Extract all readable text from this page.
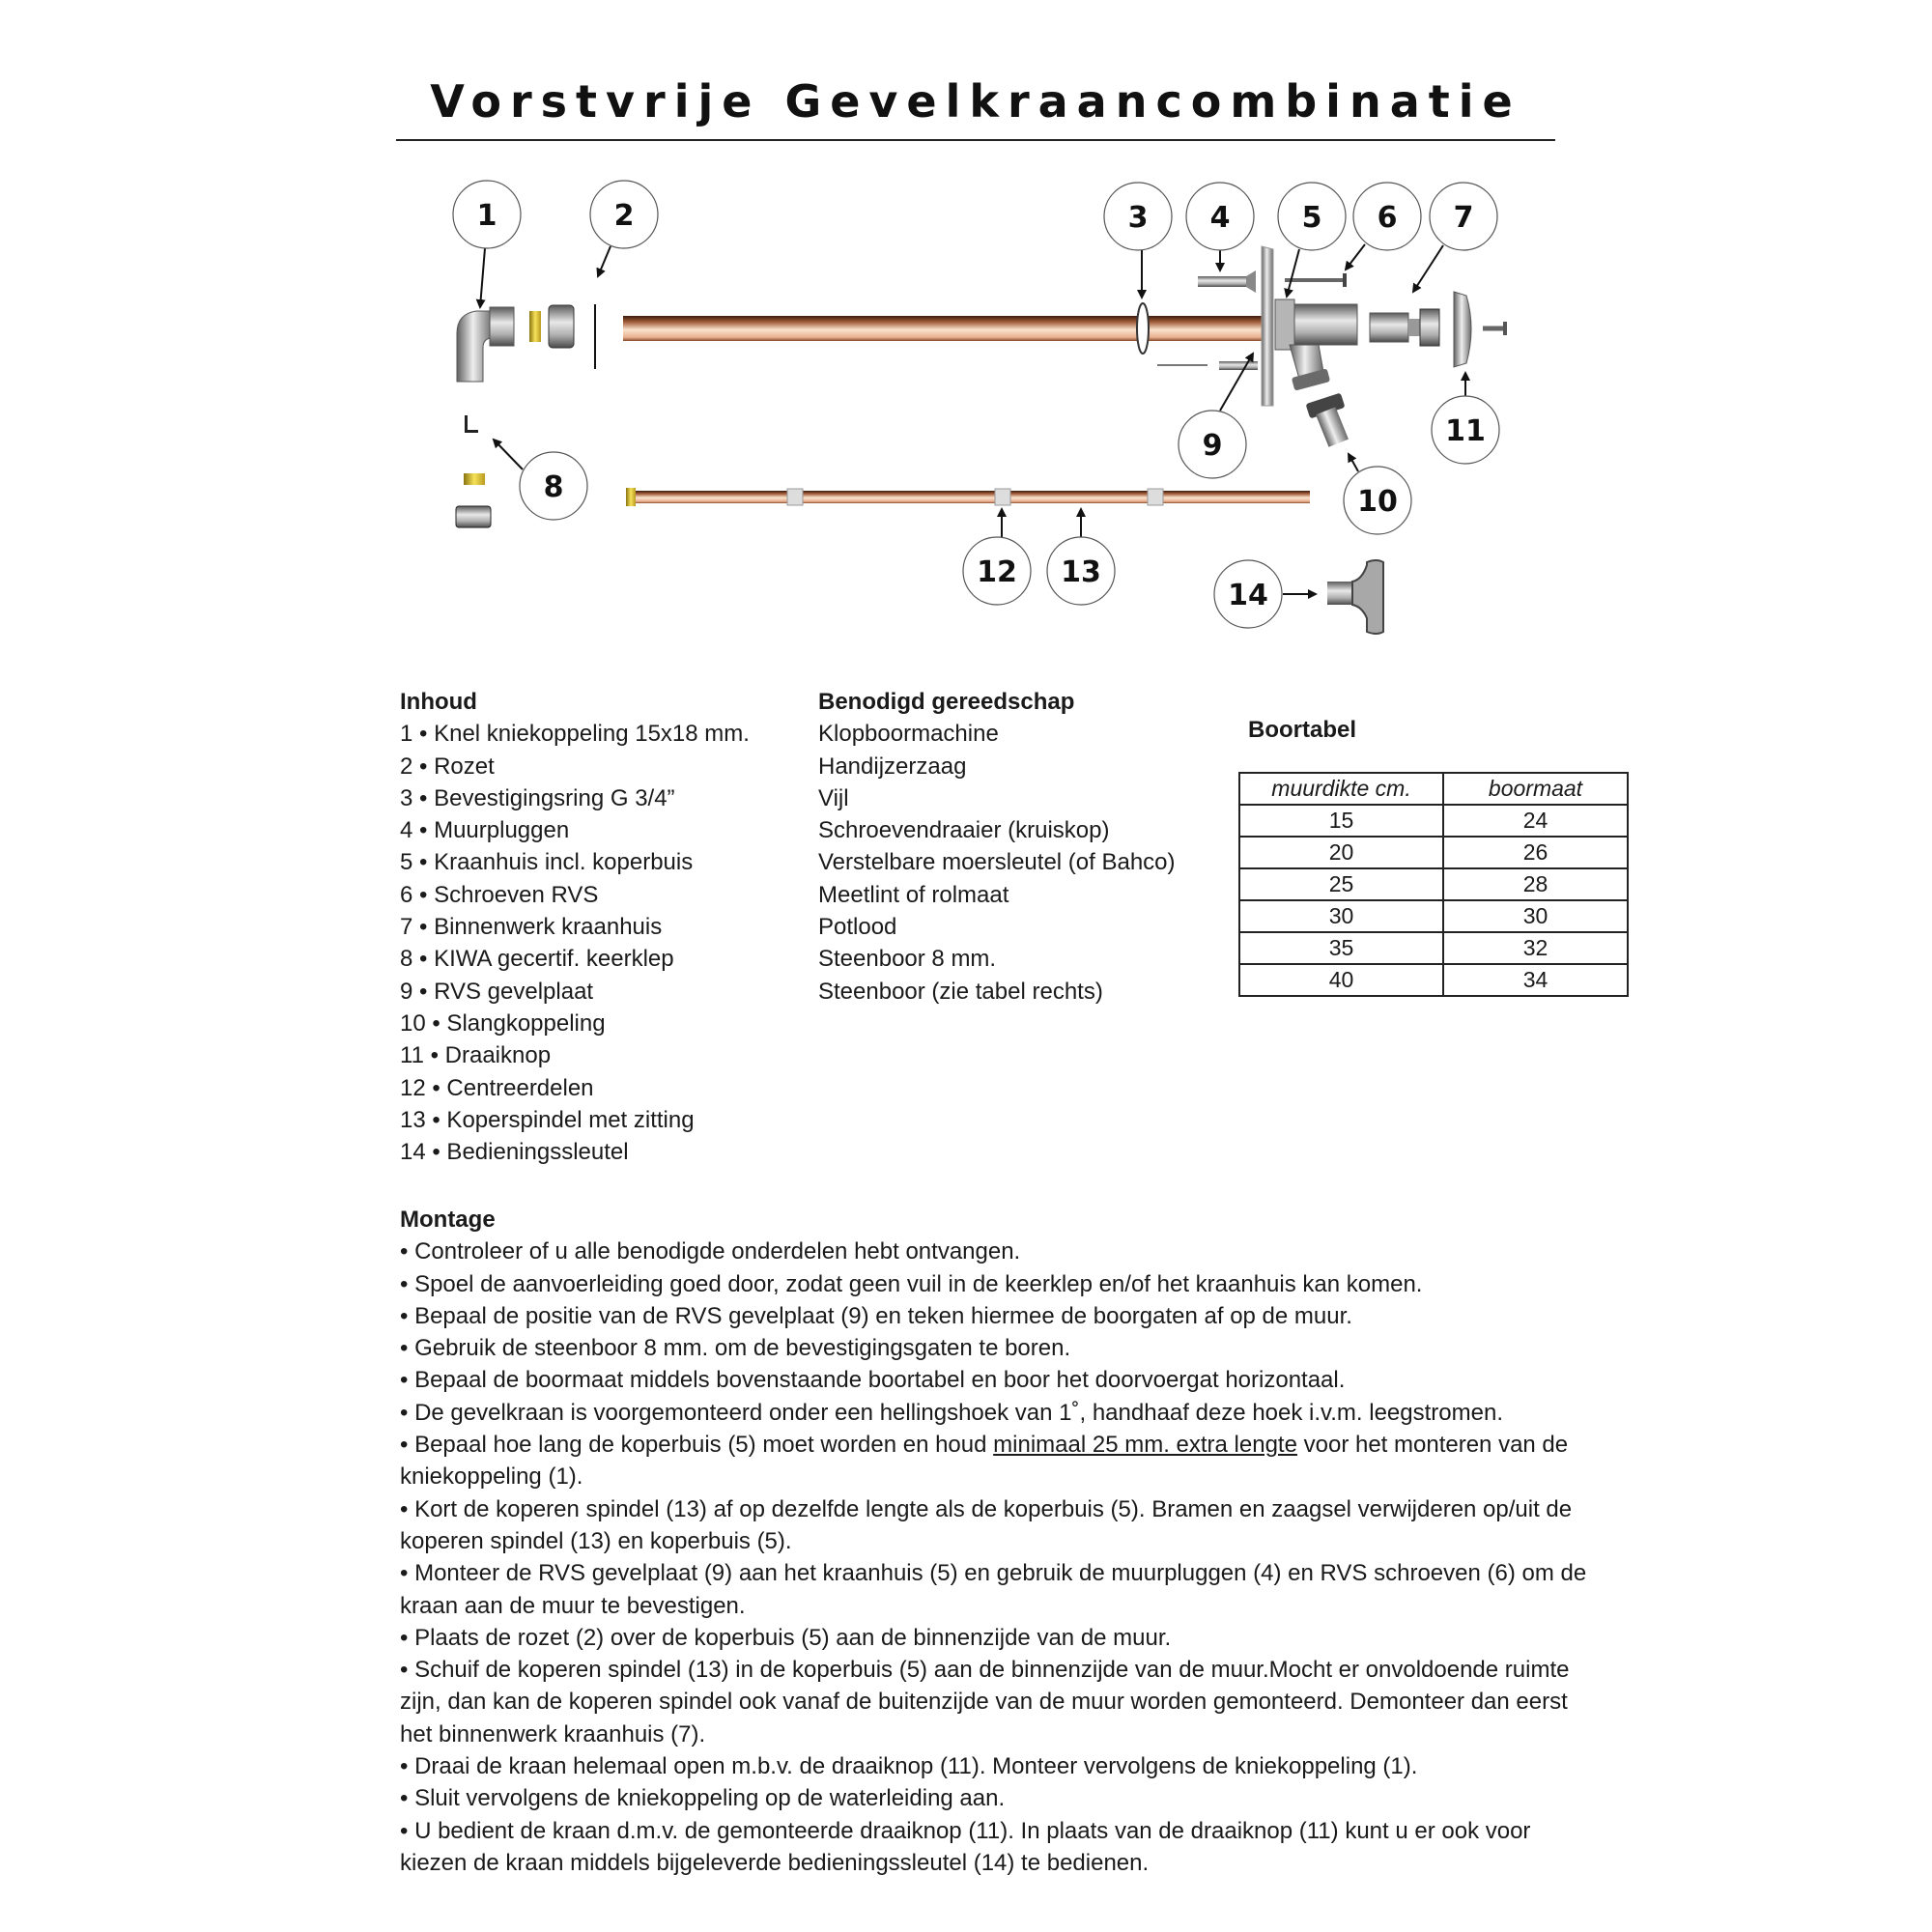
Vorstvrije Gevelkraancombinatie
1	2	3 4 5 6 7
8
9
10
11
12 13
14
Inhoud
1 • Knel kniekoppeling 15x18 mm.
2 • Rozet
3 • Bevestigingsring G 3/4”
4 • Muurpluggen
5 • Kraanhuis incl. koperbuis
6 • Schroeven RVS
7 • Binnenwerk kraanhuis
8 • KIWA gecertif. keerklep
9 • RVS gevelplaat
10 • Slangkoppeling
11 • Draaiknop
12 • Centreerdelen
13 • Koperspindel met zitting
14 • Bedieningssleutel
Benodigd gereedschap
Klopboormachine
Handijzerzaag
Vijl
Schroevendraaier (kruiskop)
Verstelbare moersleutel (of Bahco)
Meetlint of rolmaat
Potlood
Steenboor 8 mm.
Steenboor (zie tabel rechts)
Boortabel
muurdikte cm.	boormaat
15	24
20	26
25	28
30	30
35	32
40	34
Montage

• Controleer of u alle benodigde onderdelen hebt ontvangen.

• Spoel de aanvoerleiding goed door, zodat geen vuil in de keerklep en/of het kraanhuis kan komen.

• Bepaal de positie van de RVS gevelplaat (9) en teken hiermee de boorgaten af op de muur.

• Gebruik de steenboor 8 mm. om de bevestigingsgaten te boren.

• Bepaal de boormaat middels bovenstaande boortabel en boor het doorvoergat horizontaal.

• De gevelkraan is voorgemonteerd onder een hellingshoek van 1˚, handhaaf deze hoek i.v.m. leegstromen.

• Bepaal hoe lang de koperbuis (5) moet worden en houd minimaal 25 mm. extra lengte voor het monteren van de kniekoppeling (1).

• Kort de koperen spindel (13) af op dezelfde lengte als de koperbuis (5). Bramen en zaagsel verwijderen op/uit de koperen spindel (13) en koperbuis (5).

• Monteer de RVS gevelplaat (9) aan het kraanhuis (5) en gebruik de muurpluggen (4) en RVS schroeven (6) om de kraan aan de muur te bevestigen.

• Plaats de rozet (2) over de koperbuis (5) aan de binnenzijde van de muur.

• Schuif de koperen spindel (13) in de koperbuis (5) aan de binnenzijde van de muur.Mocht er onvoldoende ruimte zijn, dan kan de koperen spindel ook vanaf de buitenzijde van de muur worden gemonteerd. Demonteer dan eerst het binnenwerk kraanhuis (7).

• Draai de kraan helemaal open m.b.v. de draaiknop (11). Monteer vervolgens de kniekoppeling (1).

• Sluit vervolgens de kniekoppeling op de waterleiding aan.

• U bedient de kraan d.m.v. de gemonteerde draaiknop (11). In plaats van de draaiknop (11) kunt u er ook voor kiezen de kraan middels bijgeleverde bedieningssleutel (14) te bedienen.
